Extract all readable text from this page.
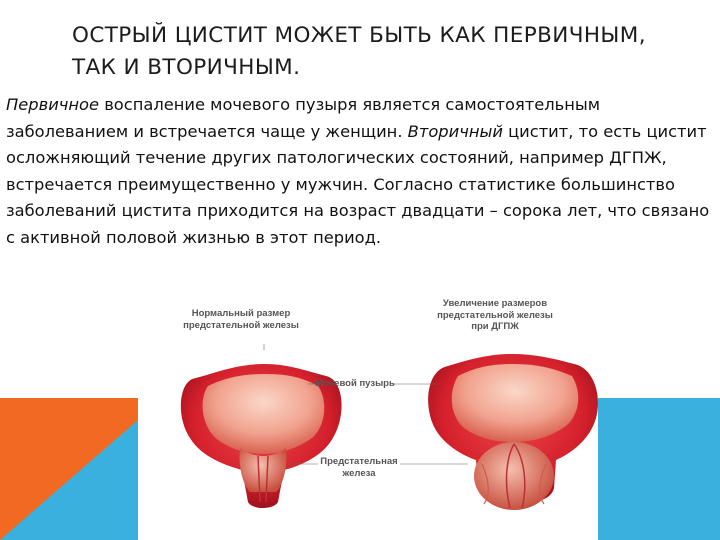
ОСТРЫЙ ЦИСТИТ МОЖЕТ БЫТЬ КАК ПЕРВИЧНЫМ,
ТАК И ВТОРИЧНЫМ.

Первичное воспаление мочевого пузыря является самостоятельным заболеванием и встречается чаще у женщин. Вторичный цистит, то есть цистит осложняющий течение других патологических состояний, например ДГПЖ, встречается преимущественно у мужчин. Согласно статистике большинство заболеваний цистита приходится на возраст двадцати – сорока лет, что связано с активной половой жизнью в этот период.

Нормальный размер
предстательной железы
Увеличение размеров
предстательной железы
при ДГПЖ
Мочевой пузырь
Предстательная
железа
